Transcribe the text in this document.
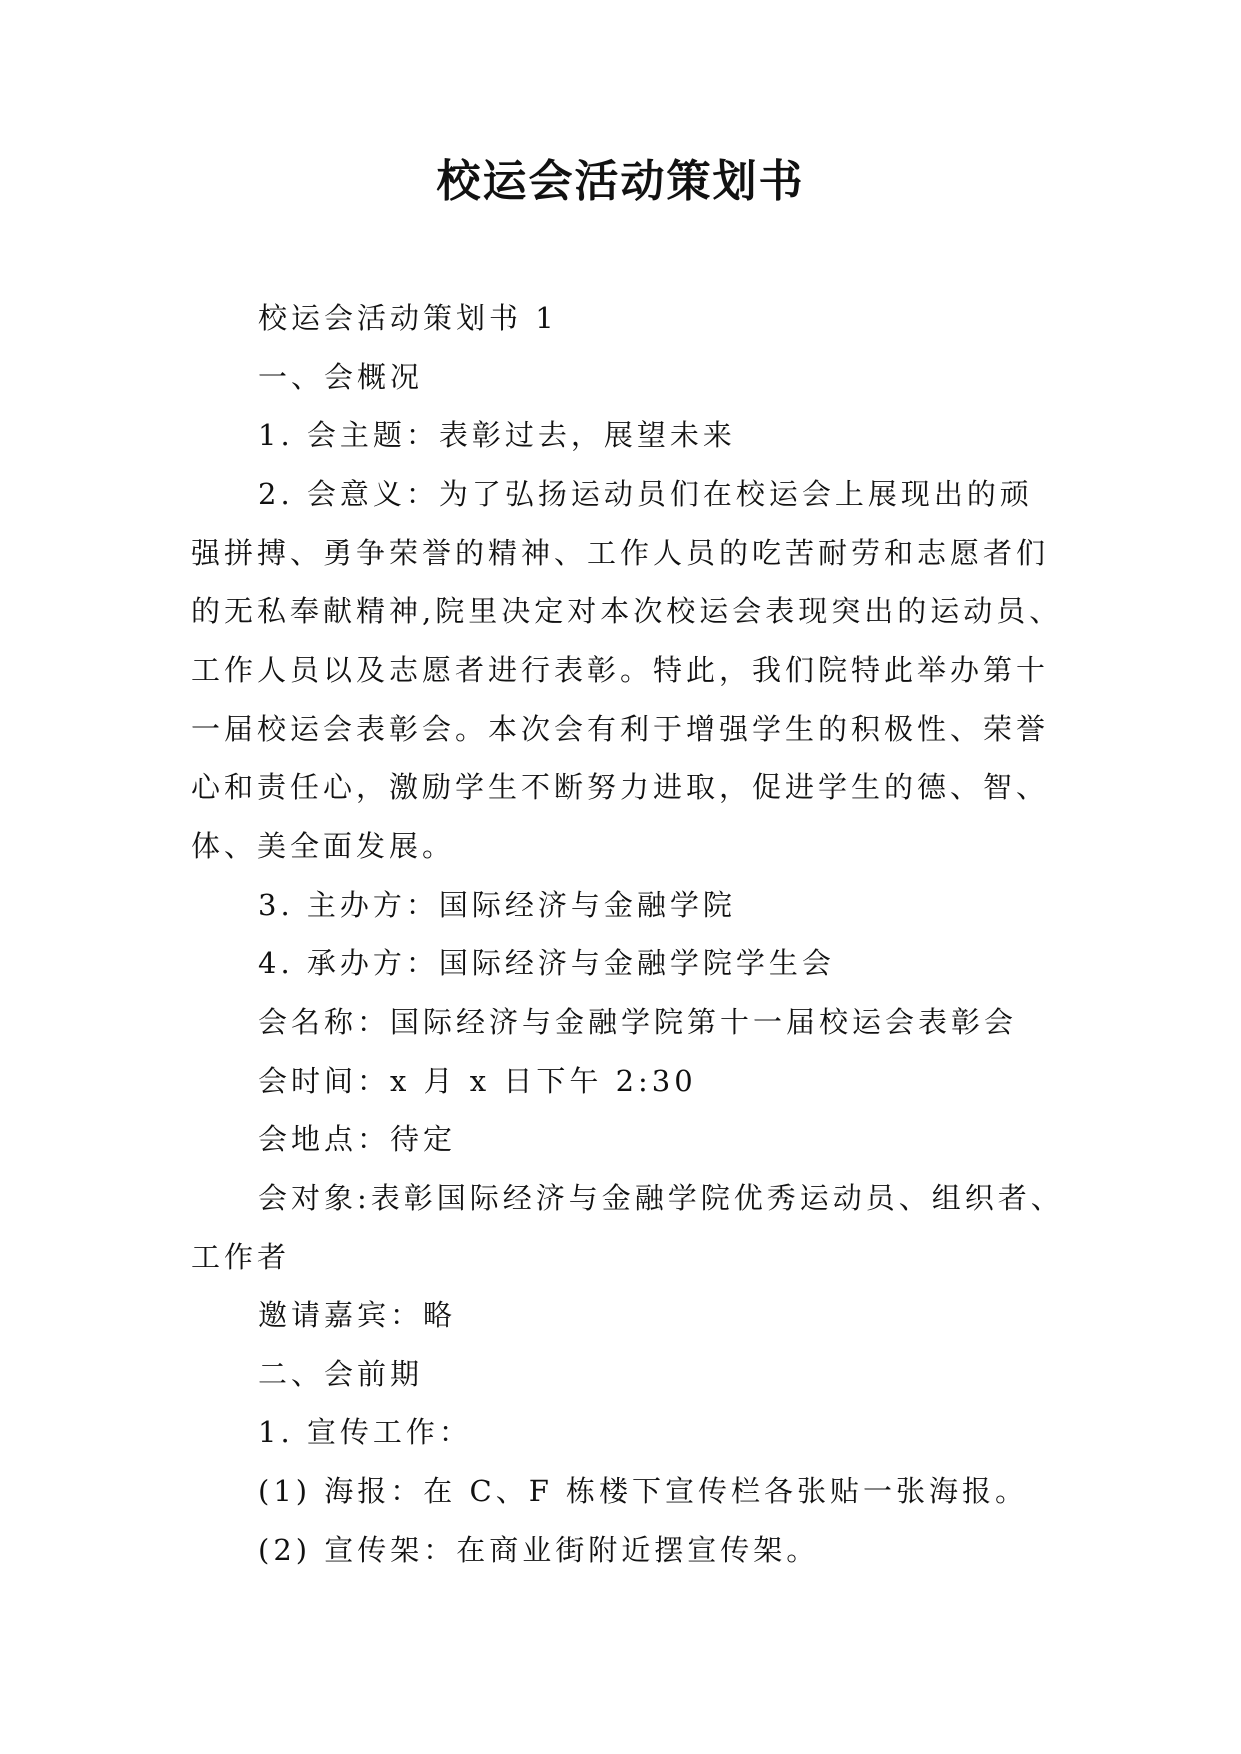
校运会活动策划书
校运会活动策划书 1
一、会概况
1. 会主题：表彰过去，展望未来
2. 会意义：为了弘扬运动员们在校运会上展现出的顽
强拼搏、勇争荣誉的精神、工作人员的吃苦耐劳和志愿者们
的无私奉献精神,院里决定对本次校运会表现突出的运动员、
工作人员以及志愿者进行表彰。特此，我们院特此举办第十
一届校运会表彰会。本次会有利于增强学生的积极性、荣誉
心和责任心，激励学生不断努力进取，促进学生的德、智、
体、美全面发展。
3. 主办方：国际经济与金融学院
4. 承办方：国际经济与金融学院学生会
会名称：国际经济与金融学院第十一届校运会表彰会
会时间：x 月 x 日下午 2:30
会地点：待定
会对象:表彰国际经济与金融学院优秀运动员、组织者、
工作者
邀请嘉宾：略
二、会前期
1. 宣传工作：
(1) 海报：在 C、F 栋楼下宣传栏各张贴一张海报。
(2) 宣传架：在商业街附近摆宣传架。
